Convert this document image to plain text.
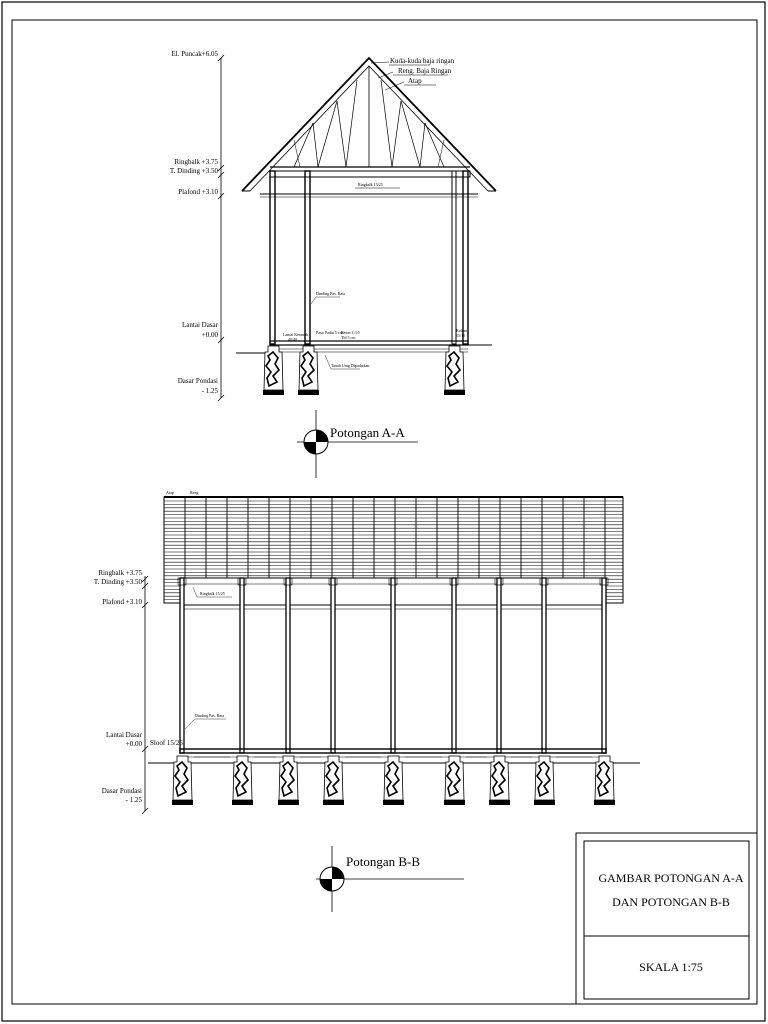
El. Puncak+6.05
Ringbalk +3.75
T. Dinding +3.50
Plafond +3.10
Lantai Dasar
+0.00
Dasar Pondasi
- 1.25
Kuda-kuda baja ringan
Reng. Baja Ringan
Atap
Ringbalk 15/25
Dinding Pas. Bata
Lantai Keramik
40/40
Pasir Padat 5 cm
Beton 1:3:5
Tbl 5 cm
Tanah Urug Dipadatkan
Kolom
15/15
Potongan A-A
Atap	Reng
Ringbalk 15/25
Ringbalk +3.75
T. Dinding +3.50
Plafond +3.10
Lantai Dasar
+0.00 Sloof 15/25
Dasar Pondasi
- 1.25
Dinding Pas. Bata
Potongan B-B
GAMBAR POTONGAN A-A
DAN POTONGAN B-B
SKALA 1:75
